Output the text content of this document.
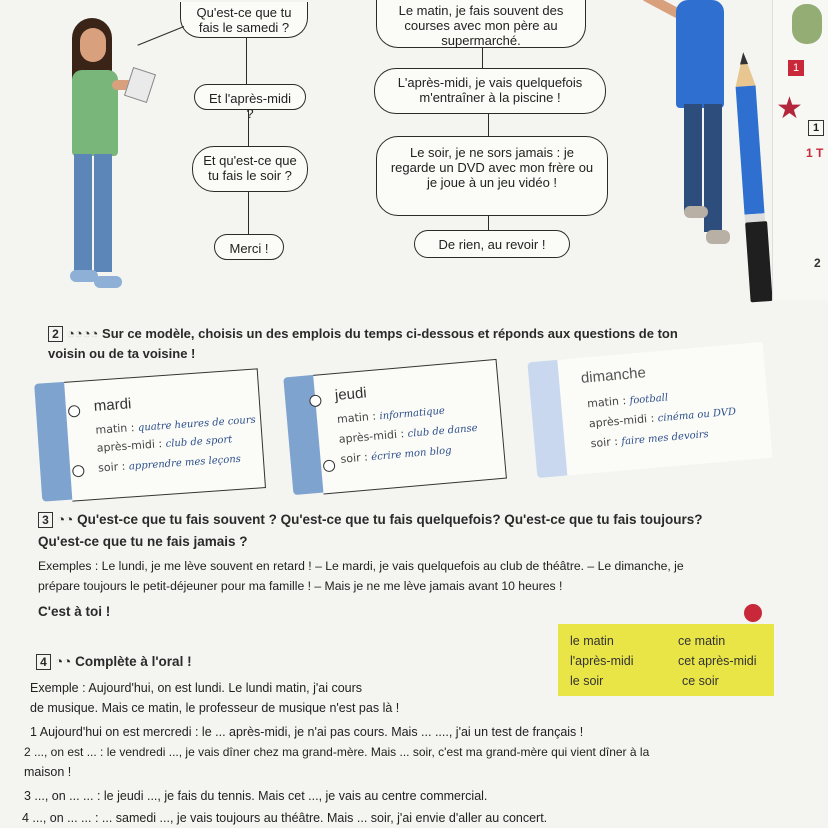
Qu'est-ce que tu fais le samedi ?
Et l'après-midi ?
Et qu'est-ce que tu fais le soir ?
Merci !
Le matin, je fais souvent des courses avec mon père au supermarché.
L'après-midi, je vais quelquefois m'entraîner à la piscine !
Le soir, je ne sors jamais : je regarde un DVD avec mon frère ou je joue à un jeu vidéo !
De rien, au revoir !
1
★
1
1 T
2
2 ◔◔◔◔ Sur ce modèle, choisis un des emplois du temps ci-dessous et réponds aux questions de ton
voisin ou de ta voisine !
mardi
matin : quatre heures de cours
après-midi : club de sport
soir : apprendre mes leçons
jeudi
matin : informatique
après-midi : club de danse
soir : écrire mon blog
dimanche
matin : football
après-midi : cinéma ou DVD
soir : faire mes devoirs
3 ◔◔ Qu'est-ce que tu fais souvent ? Qu'est-ce que tu fais quelquefois? Qu'est-ce que tu fais toujours?
Qu'est-ce que tu ne fais jamais ?
Exemples : Le lundi, je me lève souvent en retard ! – Le mardi, je vais quelquefois au club de théâtre. – Le dimanche, je
prépare toujours le petit-déjeuner pour ma famille ! – Mais je ne me lève jamais avant 10 heures !
C'est à toi !
4 ◔◔ Complète à l'oral !
le matin
l'après-midi
le soir
ce matin
cet après-midi
ce soir
Exemple : Aujourd'hui, on est lundi. Le lundi matin, j'ai cours
de musique. Mais ce matin, le professeur de musique n'est pas là !
1 Aujourd'hui on est mercredi : le ... après-midi, je n'ai pas cours. Mais ... ...., j'ai un test de français !
2 ..., on est ... : le vendredi ..., je vais dîner chez ma grand-mère. Mais ... soir, c'est ma grand-mère qui vient dîner à la
maison !
3 ..., on ... ... : le jeudi ..., je fais du tennis. Mais cet ..., je vais au centre commercial.
4 ..., on ... ... : ... samedi ..., je vais toujours au théâtre. Mais ... soir, j'ai envie d'aller au concert.
